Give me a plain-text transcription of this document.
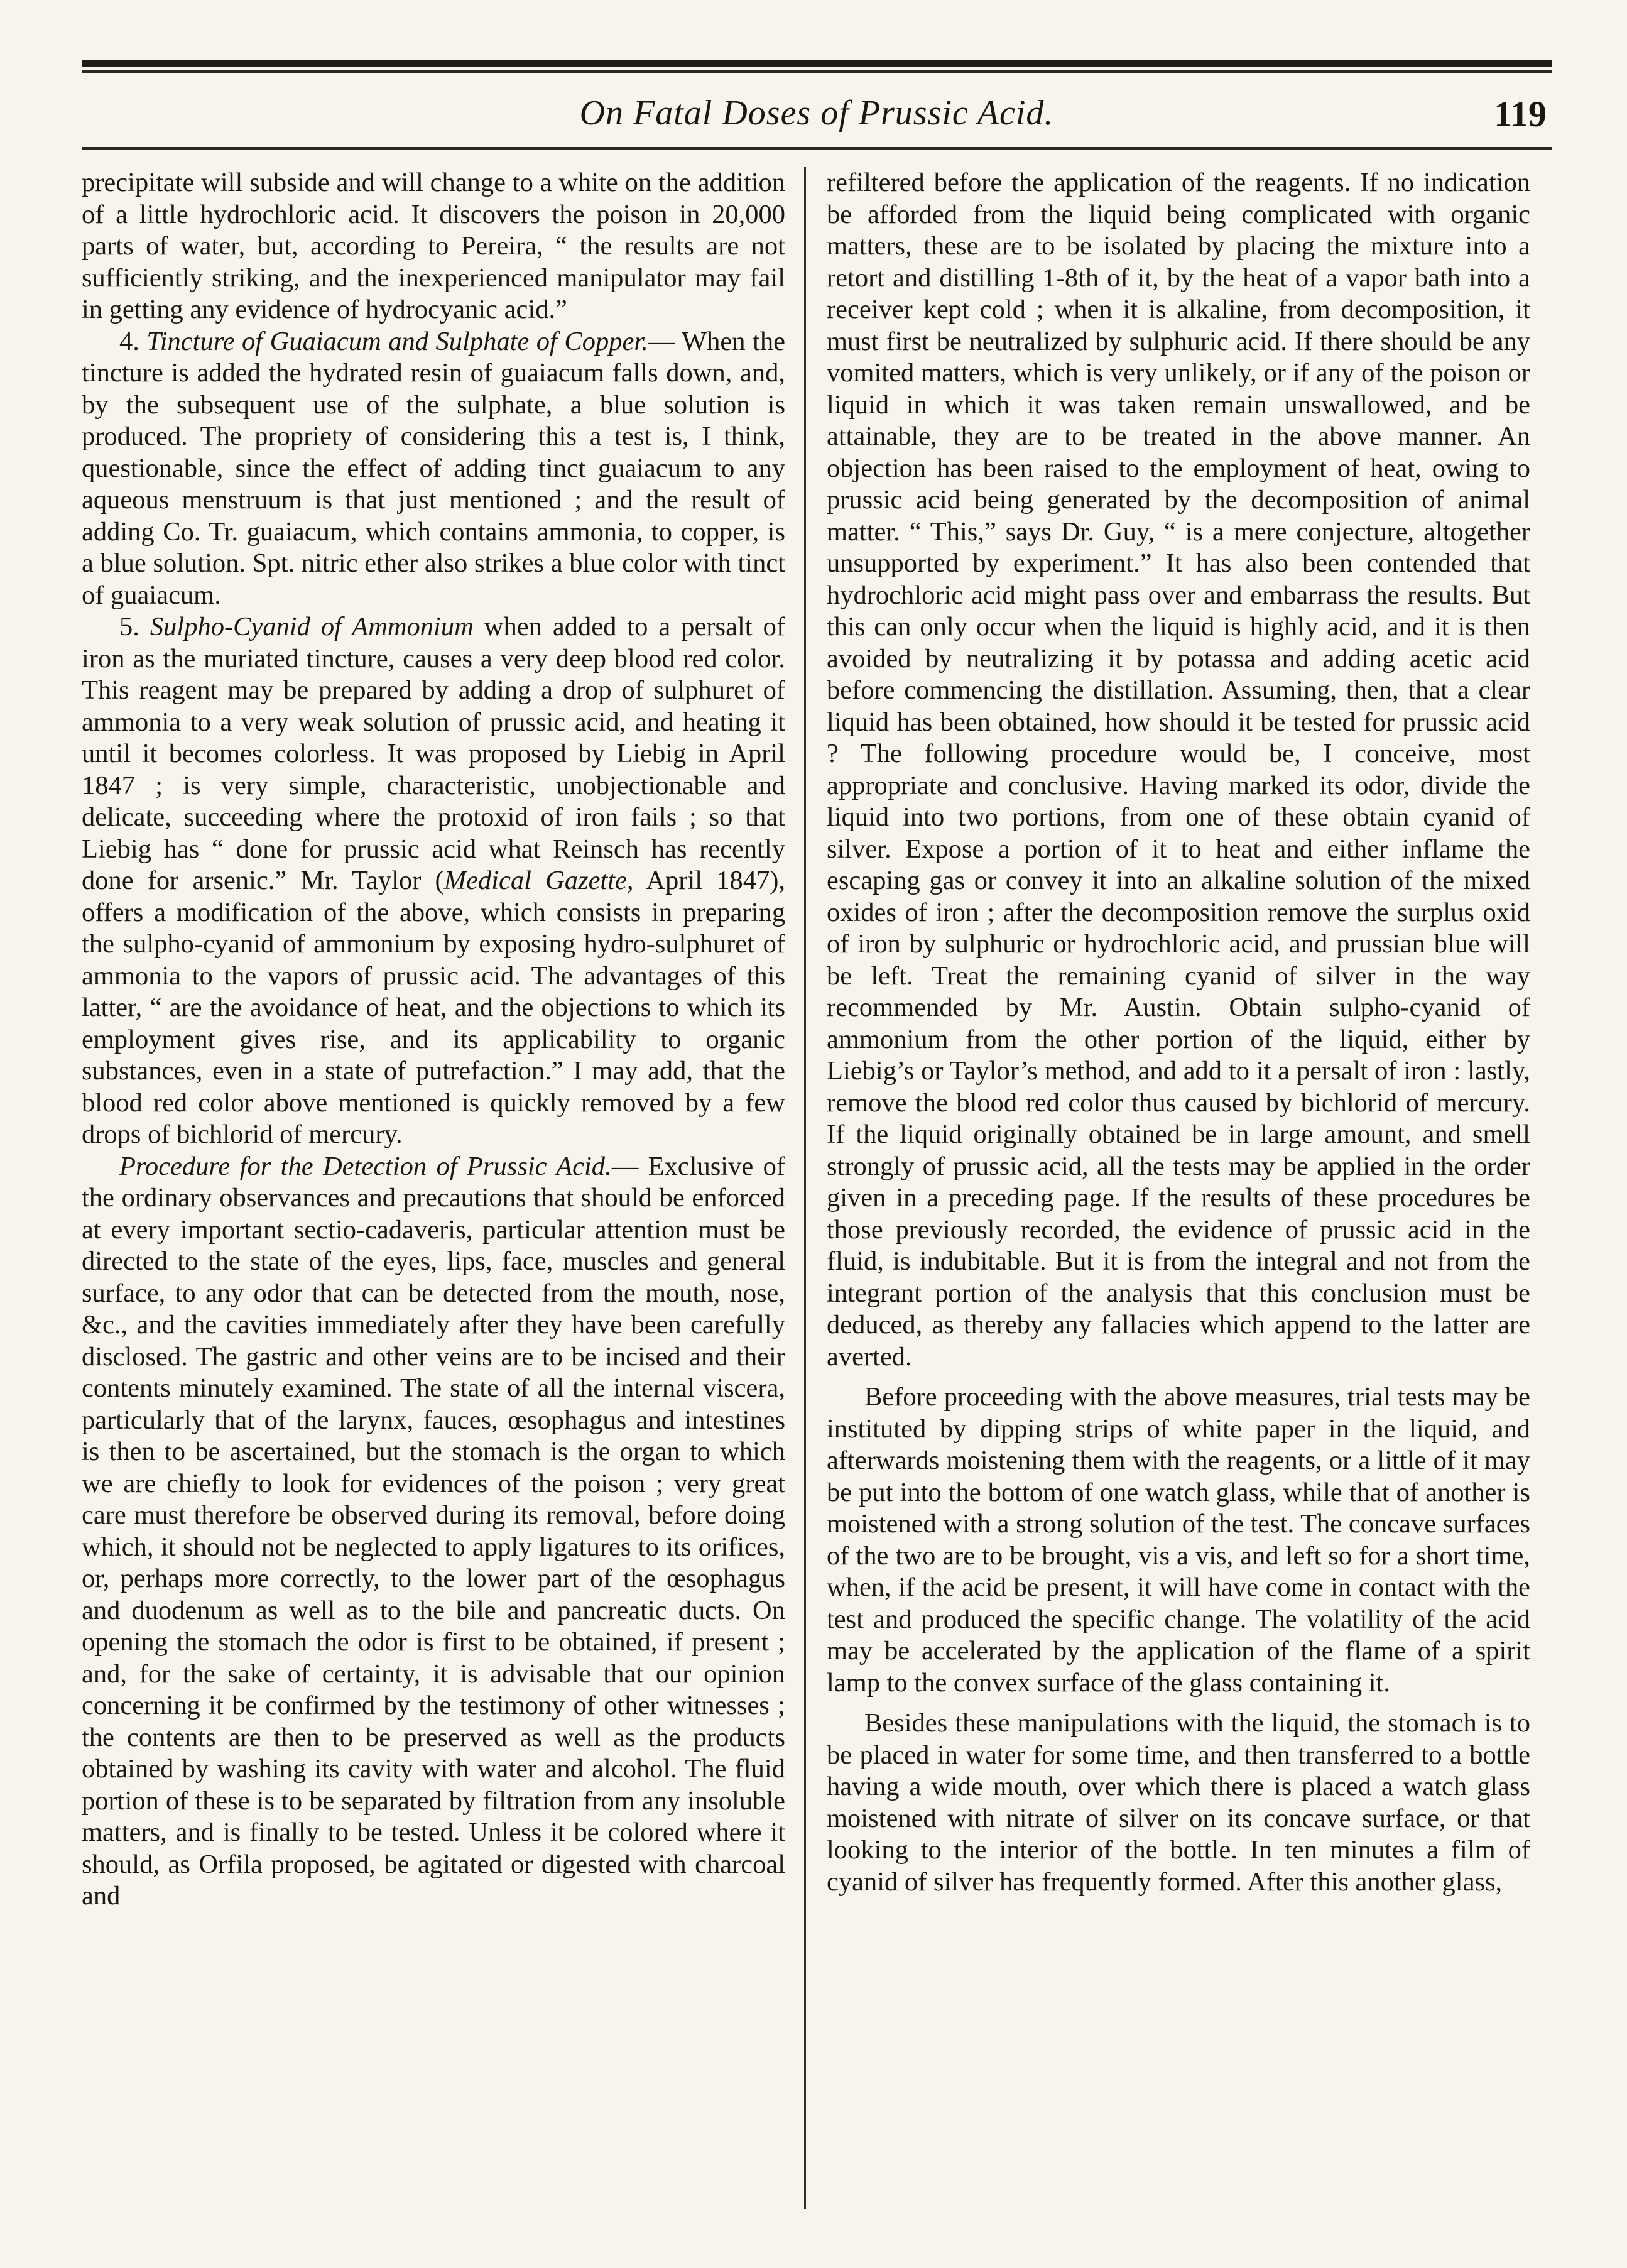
On Fatal Doses of Prussic Acid.	119

precipitate will subside and will change to a white on the addition of a little hydrochloric acid. It discovers the poison in 20,000 parts of water, but, according to Pereira, “ the results are not sufficiently striking, and the inexperienced manipulator may fail in getting any evidence of hydrocyanic acid.”

4. Tincture of Guaiacum and Sulphate of Copper.— When the tincture is added the hydrated resin of guaiacum falls down, and, by the subsequent use of the sulphate, a blue solution is produced. The propriety of considering this a test is, I think, questionable, since the effect of adding tinct guaiacum to any aqueous menstruum is that just mentioned ; and the result of adding Co. Tr. guaiacum, which contains ammonia, to copper, is a blue solution. Spt. nitric ether also strikes a blue color with tinct of guaiacum.

5. Sulpho-Cyanid of Ammonium when added to a persalt of iron as the muriated tincture, causes a very deep blood red color. This reagent may be prepared by adding a drop of sulphuret of ammonia to a very weak solution of prussic acid, and heating it until it becomes colorless. It was proposed by Liebig in April 1847 ; is very simple, characteristic, unobjectionable and delicate, succeeding where the protoxid of iron fails ; so that Liebig has “ done for prussic acid what Reinsch has recently done for arsenic.” Mr. Taylor (Medical Gazette, April 1847), offers a modification of the above, which consists in preparing the sulpho-cyanid of ammonium by exposing hydro-sulphuret of ammonia to the vapors of prussic acid. The advantages of this latter, “ are the avoidance of heat, and the objections to which its employment gives rise, and its applicability to organic substances, even in a state of putrefaction.” I may add, that the blood red color above mentioned is quickly removed by a few drops of bichlorid of mercury.

Procedure for the Detection of Prussic Acid.— Exclusive of the ordinary observances and precautions that should be enforced at every important sectio-cadaveris, particular attention must be directed to the state of the eyes, lips, face, muscles and general surface, to any odor that can be detected from the mouth, nose, &c., and the cavities immediately after they have been carefully disclosed. The gastric and other veins are to be incised and their contents minutely examined. The state of all the internal viscera, particularly that of the larynx, fauces, œsophagus and intestines is then to be ascertained, but the stomach is the organ to which we are chiefly to look for evidences of the poison ; very great care must therefore be observed during its removal, before doing which, it should not be neglected to apply ligatures to its orifices, or, perhaps more correctly, to the lower part of the œsophagus and duodenum as well as to the bile and pancreatic ducts. On opening the stomach the odor is first to be obtained, if present ; and, for the sake of certainty, it is advisable that our opinion concerning it be confirmed by the testimony of other witnesses ; the contents are then to be preserved as well as the products obtained by washing its cavity with water and alcohol. The fluid portion of these is to be separated by filtration from any insoluble matters, and is finally to be tested. Unless it be colored where it should, as Orfila proposed, be agitated or digested with charcoal and

refiltered before the application of the reagents. If no indication be afforded from the liquid being complicated with organic matters, these are to be isolated by placing the mixture into a retort and distilling 1-8th of it, by the heat of a vapor bath into a receiver kept cold ; when it is alkaline, from decomposition, it must first be neutralized by sulphuric acid. If there should be any vomited matters, which is very unlikely, or if any of the poison or liquid in which it was taken remain unswallowed, and be attainable, they are to be treated in the above manner. An objection has been raised to the employment of heat, owing to prussic acid being generated by the decomposition of animal matter. “ This,” says Dr. Guy, “ is a mere conjecture, altogether unsupported by experiment.” It has also been contended that hydrochloric acid might pass over and embarrass the results. But this can only occur when the liquid is highly acid, and it is then avoided by neutralizing it by potassa and adding acetic acid before commencing the distillation. Assuming, then, that a clear liquid has been obtained, how should it be tested for prussic acid ? The following procedure would be, I conceive, most appropriate and conclusive. Having marked its odor, divide the liquid into two portions, from one of these obtain cyanid of silver. Expose a portion of it to heat and either inflame the escaping gas or convey it into an alkaline solution of the mixed oxides of iron ; after the decomposition remove the surplus oxid of iron by sulphuric or hydrochloric acid, and prussian blue will be left. Treat the remaining cyanid of silver in the way recommended by Mr. Austin. Obtain sulpho-cyanid of ammonium from the other portion of the liquid, either by Liebig’s or Taylor’s method, and add to it a persalt of iron : lastly, remove the blood red color thus caused by bichlorid of mercury. If the liquid originally obtained be in large amount, and smell strongly of prussic acid, all the tests may be applied in the order given in a preceding page. If the results of these procedures be those previously recorded, the evidence of prussic acid in the fluid, is indubitable. But it is from the integral and not from the integrant portion of the analysis that this conclusion must be deduced, as thereby any fallacies which append to the latter are averted.

Before proceeding with the above measures, trial tests may be instituted by dipping strips of white paper in the liquid, and afterwards moistening them with the reagents, or a little of it may be put into the bottom of one watch glass, while that of another is moistened with a strong solution of the test. The concave surfaces of the two are to be brought, vis a vis, and left so for a short time, when, if the acid be present, it will have come in contact with the test and produced the specific change. The volatility of the acid may be accelerated by the application of the flame of a spirit lamp to the convex surface of the glass containing it.

Besides these manipulations with the liquid, the stomach is to be placed in water for some time, and then transferred to a bottle having a wide mouth, over which there is placed a watch glass moistened with nitrate of silver on its concave surface, or that looking to the interior of the bottle. In ten minutes a film of cyanid of silver has frequently formed. After this another glass,
